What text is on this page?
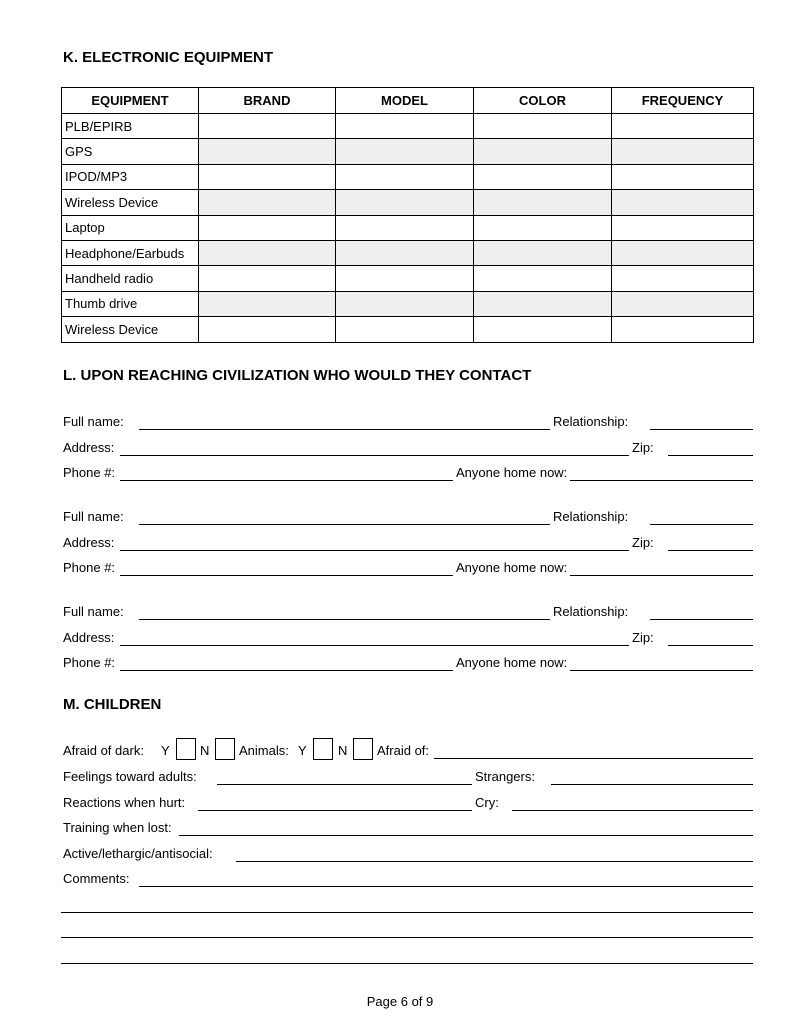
K. ELECTRONIC EQUIPMENT
EQUIPMENT	BRAND	MODEL	COLOR	FREQUENCY
PLB/EPIRB				
GPS				
IPOD/MP3				
Wireless Device				
Laptop				
Headphone/Earbuds				
Handheld radio				
Thumb drive				
Wireless Device				
L. UPON REACHING CIVILIZATION WHO WOULD THEY CONTACT
Full name:	Relationship:
Address:	Zip:
Phone #:	Anyone home now:
Full name:	Relationship:
Address:	Zip:
Phone #:	Anyone home now:
Full name:	Relationship:
Address:	Zip:
Phone #:	Anyone home now:
M. CHILDREN
Afraid of dark: Y N Animals: Y N Afraid of:
Feelings toward adults:	Strangers:
Reactions when hurt:	Cry:
Training when lost:
Active/lethargic/antisocial:
Comments:
Page 6 of 9
